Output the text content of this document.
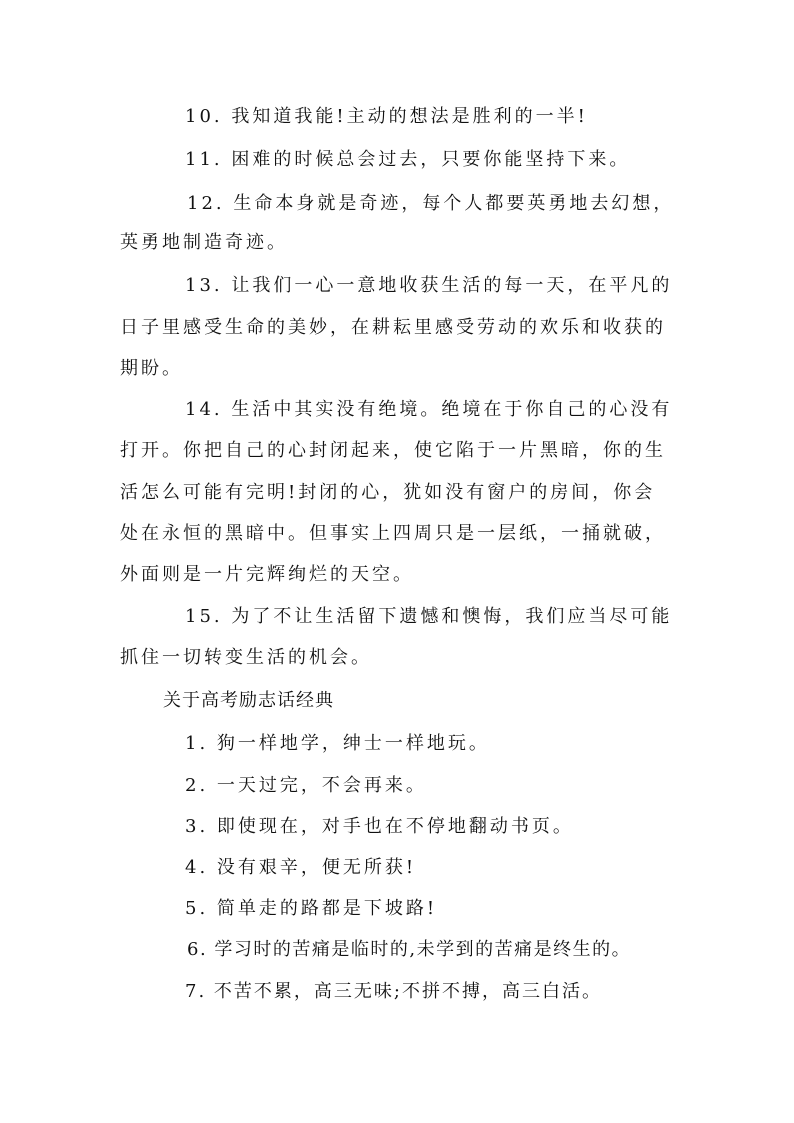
10. 我知道我能!主动的想法是胜利的一半!
11. 困难的时候总会过去，只要你能坚持下来。
12. 生命本身就是奇迹，每个人都要英勇地去幻想，
英勇地制造奇迹。
13. 让我们一心一意地收获生活的每一天，在平凡的
日子里感受生命的美妙，在耕耘里感受劳动的欢乐和收获的
期盼。
14. 生活中其实没有绝境。绝境在于你自己的心没有
打开。你把自己的心封闭起来，使它陷于一片黑暗，你的生
活怎么可能有完明!封闭的心，犹如没有窗户的房间，你会
处在永恒的黑暗中。但事实上四周只是一层纸，一捅就破，
外面则是一片完辉绚烂的天空。
15. 为了不让生活留下遗憾和懊悔，我们应当尽可能
抓住一切转变生活的机会。
关于高考励志话经典
1. 狗一样地学，绅士一样地玩。
2. 一天过完，不会再来。
3. 即使现在，对手也在不停地翻动书页。
4. 没有艰辛，便无所获!
5. 简单走的路都是下坡路!
6. 学习时的苦痛是临时的,未学到的苦痛是终生的。
7. 不苦不累，高三无味;不拼不搏，高三白活。
